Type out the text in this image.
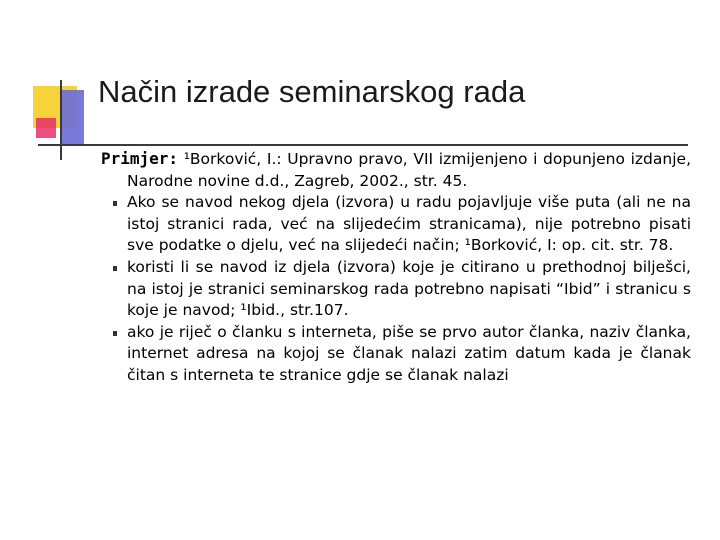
Način izrade seminarskog rada
Primjer: ¹Borković, I.: Upravno pravo, VII izmijenjeno i dopunjeno izdanje, Narodne novine d.d., Zagreb, 2002., str. 45.
Ako se navod nekog djela (izvora) u radu pojavljuje više puta (ali ne na istoj stranici rada, već na slijedećim stranicama), nije potrebno pisati sve podatke o djelu, već na slijedeći način; ¹Borković, I: op. cit. str. 78.
koristi li se navod iz djela (izvora) koje je citirano u prethodnoj bilješci, na istoj je stranici seminarskog rada potrebno napisati “Ibid” i stranicu s koje je navod; ¹Ibid., str.107.
ako je riječ o članku s interneta, piše se prvo autor članka, naziv članka, internet adresa na kojoj se članak nalazi zatim datum kada je članak čitan s interneta te stranice gdje se članak nalazi
